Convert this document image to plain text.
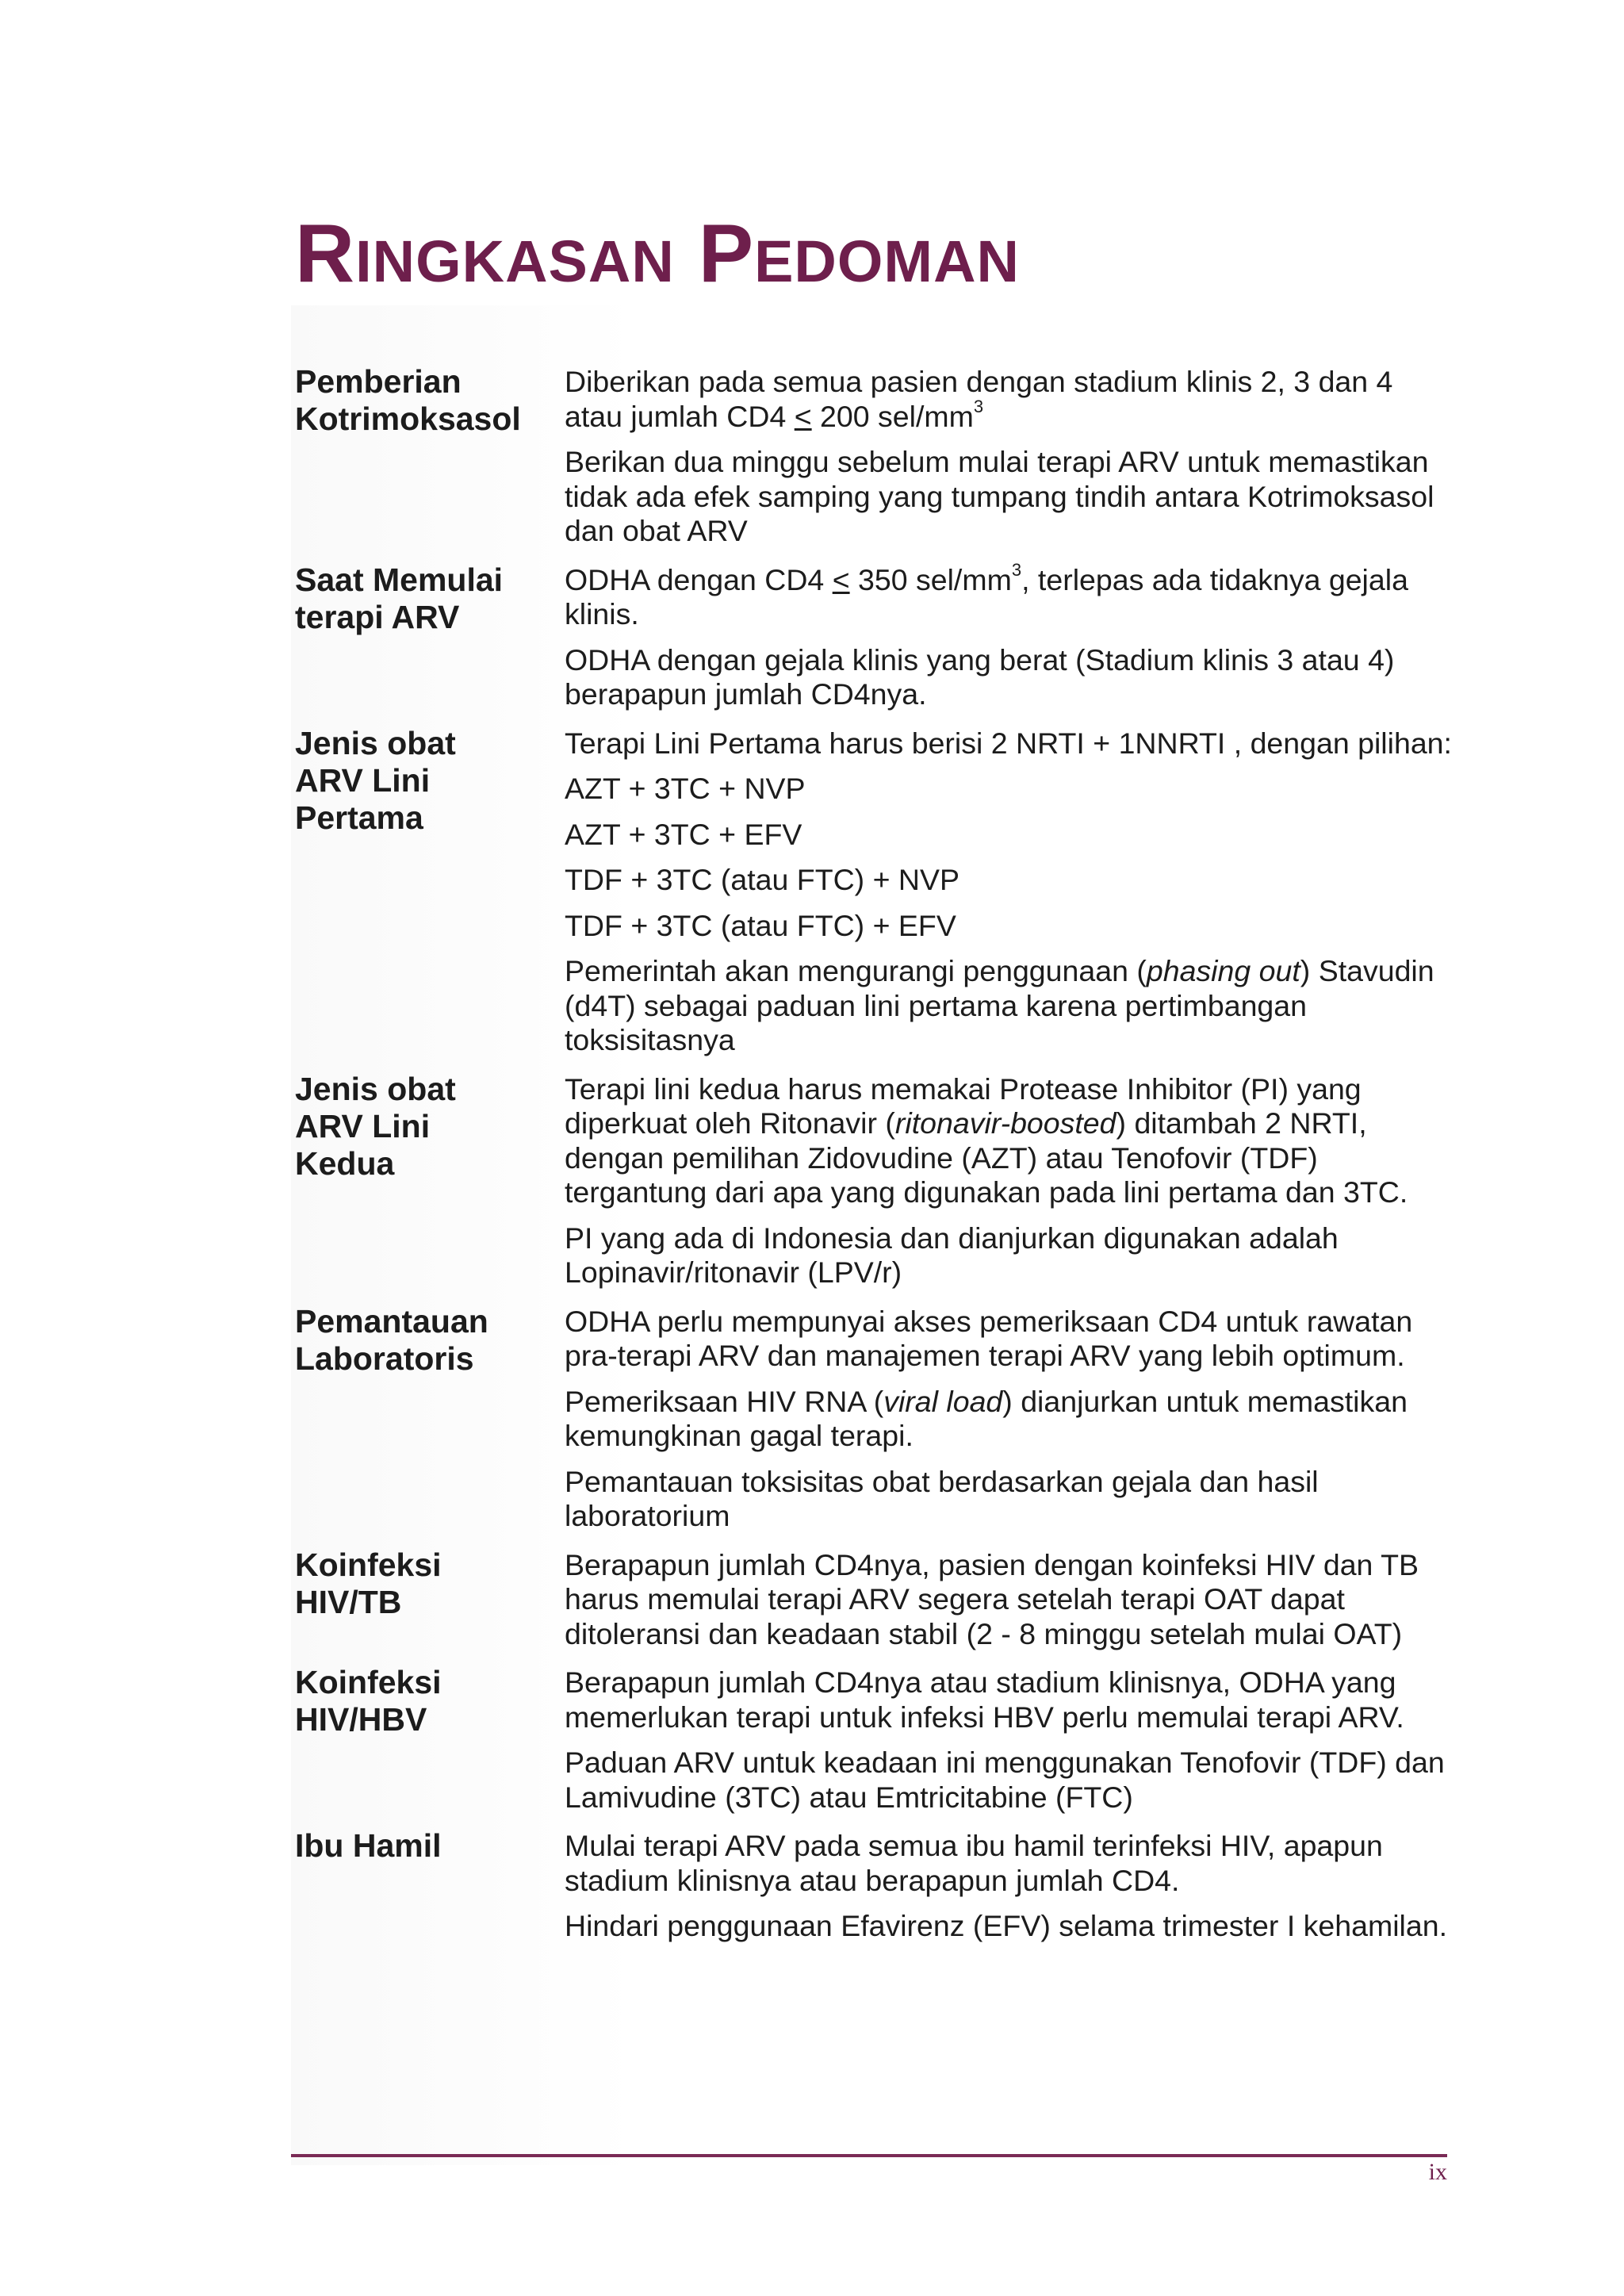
RINGKASAN PEDOMAN
Pemberian
Kotrimoksasol

Diberikan pada semua pasien dengan stadium klinis 2, 3 dan 4 atau jumlah CD4 < 200 sel/$mm^3$

Berikan dua minggu sebelum mulai terapi ARV untuk memastikan tidak ada efek samping yang tumpang tindih antara Kotrimoksasol dan obat ARV

Saat Memulai
terapi ARV

ODHA dengan CD4 < 350 sel/$mm^3$, terlepas ada tidaknya gejala klinis.

ODHA dengan gejala klinis yang berat (Stadium klinis 3 atau 4) berapapun jumlah CD4nya.

Jenis obat
ARV Lini
Pertama

Terapi Lini Pertama harus berisi 2 NRTI + 1NNRTI , dengan pilihan:

AZT + 3TC + NVP

AZT + 3TC + EFV

TDF + 3TC (atau FTC) + NVP

TDF + 3TC (atau FTC) + EFV

Pemerintah akan mengurangi penggunaan (phasing out) Stavudin (d4T) sebagai paduan lini pertama karena pertimbangan toksisitasnya

Jenis obat
ARV Lini
Kedua

Terapi lini kedua harus memakai Protease Inhibitor (PI) yang diperkuat oleh Ritonavir (ritonavir-boosted) ditambah 2 NRTI, dengan pemilihan Zidovudine (AZT) atau Tenofovir (TDF) tergantung dari apa yang digunakan pada lini pertama dan 3TC.

PI yang ada di Indonesia dan dianjurkan digunakan adalah Lopinavir/ritonavir (LPV/r)

Pemantauan
Laboratoris

ODHA perlu mempunyai akses pemeriksaan CD4 untuk rawatan pra-terapi ARV dan manajemen terapi ARV yang lebih optimum.

Pemeriksaan HIV RNA (viral load) dianjurkan untuk memastikan kemungkinan gagal terapi.

Pemantauan toksisitas obat berdasarkan gejala dan hasil laboratorium

Koinfeksi
HIV/TB

Berapapun jumlah CD4nya, pasien dengan koinfeksi HIV dan TB harus memulai terapi ARV segera setelah terapi OAT dapat ditoleransi dan keadaan stabil (2 - 8 minggu setelah mulai OAT)

Koinfeksi
HIV/HBV

Berapapun jumlah CD4nya atau stadium klinisnya, ODHA yang memerlukan terapi untuk infeksi HBV perlu memulai terapi ARV.

Paduan ARV untuk keadaan ini menggunakan Tenofovir (TDF) dan Lamivudine (3TC) atau Emtricitabine (FTC)

Ibu Hamil	Mulai terapi ARV pada semua ibu hamil terinfeksi HIV, apapun stadium klinisnya atau berapapun jumlah CD4.

Hindari penggunaan Efavirenz (EFV) selama trimester I kehamilan.

ix
